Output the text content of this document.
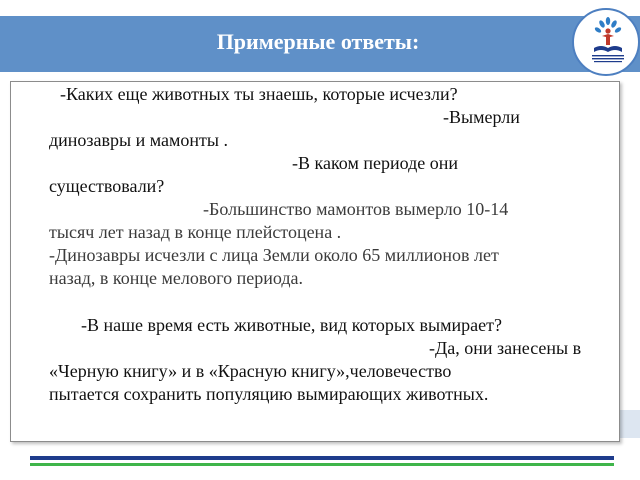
Примерные ответы:
-Каких еще животных ты знаешь, которые исчезли?
-Вымерли
динозавры и мамонты .
-В каком периоде они
существовали?
-Большинство мамонтов вымерло 10-14
тысяч лет назад в конце плейстоцена .
-Динозавры исчезли с лица Земли около 65 миллионов лет
назад, в конце мелового периода.
-В наше время есть животные, вид которых вымирает?
-Да, они занесены в
«Черную книгу» и в «Красную книгу»,человечество
пытается сохранить популяцию вымирающих животных.
